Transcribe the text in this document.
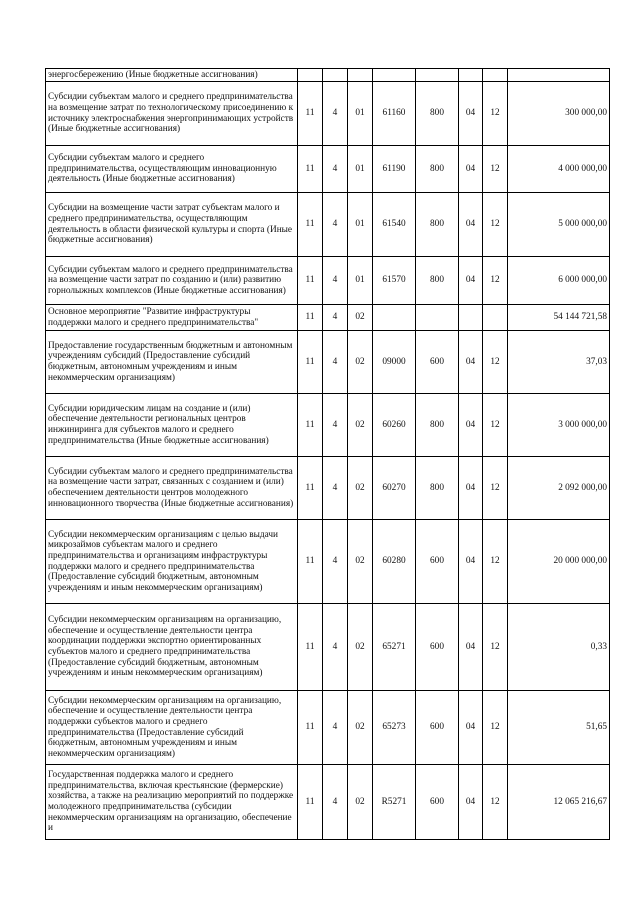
энергосбережению (Иные бюджетные ассигнования)								
Субсидии субъектам малого и среднего предпринимательства на возмещение затрат по технологическому присоединению к источнику электроснабжения энергопринимающих устройств (Иные бюджетные ассигнования)	11	4	01	61160	800	04	12	300 000,00
Субсидии субъектам малого и среднего предпринимательства, осуществляющим инновационную деятельность (Иные бюджетные ассигнования)	11	4	01	61190	800	04	12	4 000 000,00
Субсидии на возмещение части затрат субъектам малого и среднего предпринимательства, осуществляющим деятельность в области физической культуры и спорта (Иные бюджетные ассигнования)	11	4	01	61540	800	04	12	5 000 000,00
Субсидии субъектам малого и среднего предпринимательства на возмещение части затрат по созданию и (или) развитию горнолыжных комплексов (Иные бюджетные ассигнования)	11	4	01	61570	800	04	12	6 000 000,00
Основное мероприятие "Развитие инфраструктуры поддержки малого и среднего предпринимательства"	11	4	02					54 144 721,58
Предоставление государственным бюджетным и автономным учреждениям субсидий (Предоставление субсидий бюджетным, автономным учреждениям и иным некоммерческим организациям)	11	4	02	09000	600	04	12	37,03
Субсидии юридическим лицам на создание и (или) обеспечение деятельности региональных центров инжиниринга для субъектов малого и среднего предпринимательства (Иные бюджетные ассигнования)	11	4	02	60260	800	04	12	3 000 000,00
Субсидии субъектам малого и среднего предпринимательства на возмещение части затрат, связанных с созданием и (или) обеспечением деятельности центров молодежного инновационного творчества (Иные бюджетные ассигнования)	11	4	02	60270	800	04	12	2 092 000,00
Субсидии некоммерческим организациям с целью выдачи микрозаймов субъектам малого и среднего предпринимательства и организациям инфраструктуры поддержки малого и среднего предпринимательства (Предоставление субсидий бюджетным, автономным учреждениям и иным некоммерческим организациям)	11	4	02	60280	600	04	12	20 000 000,00
Субсидии некоммерческим организациям на организацию, обеспечение и осуществление деятельности центра координации поддержки экспортно ориентированных субъектов малого и среднего предпринимательства (Предоставление субсидий бюджетным, автономным учреждениям и иным некоммерческим организациям)	11	4	02	65271	600	04	12	0,33
Субсидии некоммерческим организациям на организацию, обеспечение и осуществление деятельности центра поддержки субъектов малого и среднего предпринимательства (Предоставление субсидий бюджетным, автономным учреждениям и иным некоммерческим организациям)	11	4	02	65273	600	04	12	51,65
Государственная поддержка малого и среднего предпринимательства, включая крестьянские (фермерские) хозяйства, а также на реализацию мероприятий по поддержке молодежного предпринимательства (субсидии некоммерческим организациям на организацию, обеспечение и	11	4	02	R5271	600	04	12	12 065 216,67
